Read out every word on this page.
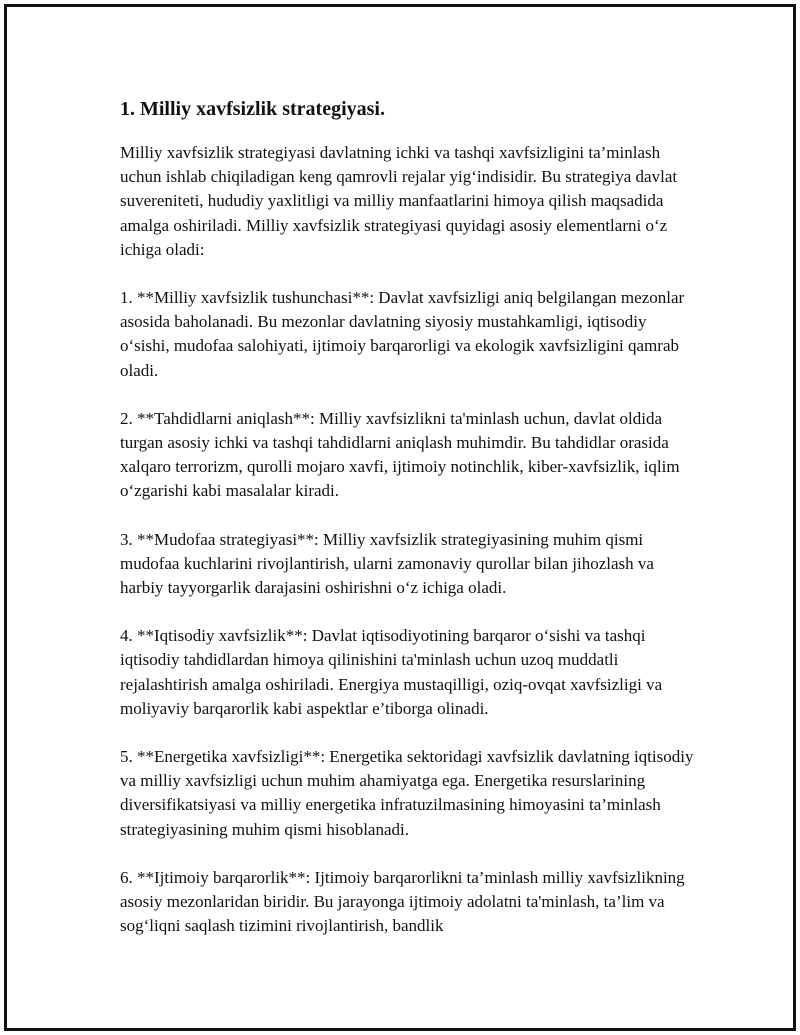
1. Milliy xavfsizlik strategiyasi.

Milliy xavfsizlik strategiyasi davlatning ichki va tashqi xavfsizligini ta’minlash uchun ishlab chiqiladigan keng qamrovli rejalar yig‘indisidir. Bu strategiya davlat suvereniteti, hududiy yaxlitligi va milliy manfaatlarini himoya qilish maqsadida amalga oshiriladi. Milliy xavfsizlik strategiyasi quyidagi asosiy elementlarni o‘z ichiga oladi:

1. **Milliy xavfsizlik tushunchasi**: Davlat xavfsizligi aniq belgilangan mezonlar asosida baholanadi. Bu mezonlar davlatning siyosiy mustahkamligi, iqtisodiy o‘sishi, mudofaa salohiyati, ijtimoiy barqarorligi va ekologik xavfsizligini qamrab oladi.

2. **Tahdidlarni aniqlash**: Milliy xavfsizlikni ta'minlash uchun, davlat oldida turgan asosiy ichki va tashqi tahdidlarni aniqlash muhimdir. Bu tahdidlar orasida xalqaro terrorizm, qurolli mojaro xavfi, ijtimoiy notinchlik, kiber-xavfsizlik, iqlim o‘zgarishi kabi masalalar kiradi.

3. **Mudofaa strategiyasi**: Milliy xavfsizlik strategiyasining muhim qismi mudofaa kuchlarini rivojlantirish, ularni zamonaviy qurollar bilan jihozlash va harbiy tayyorgarlik darajasini oshirishni o‘z ichiga oladi.

4. **Iqtisodiy xavfsizlik**: Davlat iqtisodiyotining barqaror o‘sishi va tashqi iqtisodiy tahdidlardan himoya qilinishini ta'minlash uchun uzoq muddatli rejalashtirish amalga oshiriladi. Energiya mustaqilligi, oziq-ovqat xavfsizligi va moliyaviy barqarorlik kabi aspektlar e’tiborga olinadi.

5. **Energetika xavfsizligi**: Energetika sektoridagi xavfsizlik davlatning iqtisodiy va milliy xavfsizligi uchun muhim ahamiyatga ega. Energetika resurslarining diversifikatsiyasi va milliy energetika infratuzilmasining himoyasini ta’minlash strategiyasining muhim qismi hisoblanadi.

6. **Ijtimoiy barqarorlik**: Ijtimoiy barqarorlikni ta’minlash milliy xavfsizlikning asosiy mezonlaridan biridir. Bu jarayonga ijtimoiy adolatni ta'minlash, ta’lim va sog‘liqni saqlash tizimini rivojlantirish, bandlik
